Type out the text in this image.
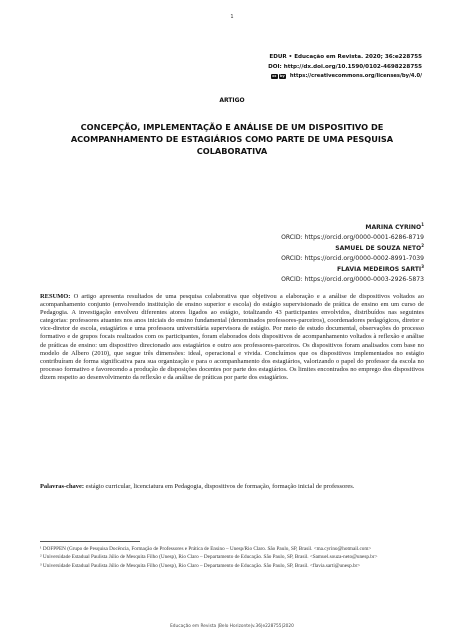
1
EDUR • Educação em Revista. 2020; 36:e228755
DOI: http://dx.doi.org/10.1590/0102-4698228755
cc	by https://creativecommons.org/licenses/by/4.0/
ARTIGO
CONCEPÇÃO, IMPLEMENTAÇÃO E ANÁLISE DE UM DISPOSITIVO DE ACOMPANHAMENTO DE ESTAGIÁRIOS COMO PARTE DE UMA PESQUISA COLABORATIVA
MARINA CYRINO$^1$
ORCID: https://orcid.org/0000-0001-6286-8719
SAMUEL DE SOUZA NETO$^2$
ORCID: https://orcid.org/0000-0002-8991-7039
FLAVIA MEDEIROS SARTI$^3$
ORCID: https://orcid.org/0000-0003-2926-5873
RESUMO: O artigo apresenta resultados de uma pesquisa colaborativa que objetivou a elaboração e a análise de dispositivos voltados ao acompanhamento conjunto (envolvendo instituição de ensino superior e escola) do estágio supervisionado de prática de ensino em um curso de Pedagogia. A investigação envolveu diferentes atores ligados ao estágio, totalizando 43 participantes envolvidos, distribuídos nas seguintes categorias: professores atuantes nos anos iniciais do ensino fundamental (denominados professores-parceiros), coordenadores pedagógicos, diretor e vice-diretor de escola, estagiários e uma professora universitária supervisora de estágio. Por meio de estudo documental, observações do processo formativo e de grupos focais realizados com os participantes, foram elaborados dois dispositivos de acompanhamento voltados à reflexão e análise de práticas de ensino: um dispositivo direcionado aos estagiários e outro aos professores-parceiros. Os dispositivos foram analisados com base no modelo de Albero (2010), que segue três dimensões: ideal, operacional e vivida. Concluímos que os dispositivos implementados no estágio contribuíram de forma significativa para sua organização e para o acompanhamento dos estagiários, valorizando o papel do professor da escola no processo formativo e favorecendo a produção de disposições docentes por parte dos estagiários. Os limites encontrados no emprego dos dispositivos dizem respeito ao desenvolvimento da reflexão e da análise de práticas por parte dos estagiários.
Palavras-chave: estágio curricular, licenciatura em Pedagogia, dispositivos de formação, formação inicial de professores.

¹ DOFPPEN (Grupo de Pesquisa Docência, Formação de Professores e Prática de Ensino – Unesp/Rio Claro. São Paulo, SP, Brasil. <ma.cyrino@hotmail.com>

² Universidade Estadual Paulista Júlio de Mesquita Filho (Unesp), Rio Claro – Departamento de Educação. São Paulo, SP, Brasil. <Samuel.souza-neto@unesp.br>

³ Universidade Estadual Paulista Júlio de Mesquita Filho (Unesp), Rio Claro – Departamento de Educação. São Paulo, SP, Brasil. <flavia.sarti@unesp.br>

Educação em Revista |Belo Horizonte|v.36|e228755|2020
